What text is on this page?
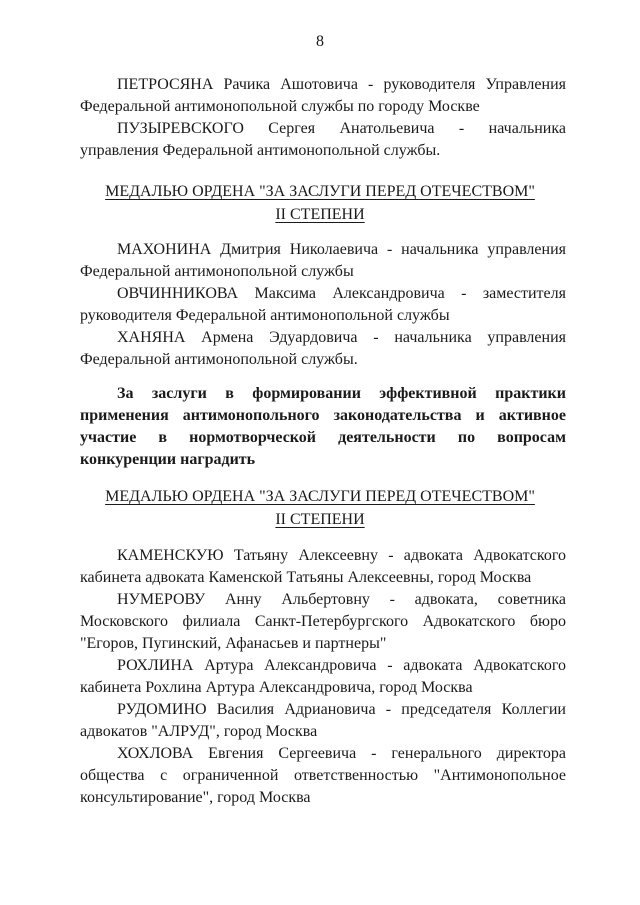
8

ПЕТРОСЯНА Рачика Ашотовича - руководителя Управления Федеральной антимонопольной службы по городу Москве

ПУЗЫРЕВСКОГО Сергея Анатольевича - начальника управления Федеральной антимонопольной службы.

МЕДАЛЬЮ ОРДЕНА "ЗА ЗАСЛУГИ ПЕРЕД ОТЕЧЕСТВОМ"
II СТЕПЕНИ

МАХОНИНА Дмитрия Николаевича - начальника управления Федеральной антимонопольной службы

ОВЧИННИКОВА Максима Александровича - заместителя руководителя Федеральной антимонопольной службы

ХАНЯНА Армена Эдуардовича - начальника управления Федеральной антимонопольной службы.

За заслуги в формировании эффективной практики применения антимонопольного законодательства и активное участие в нормотворческой деятельности по вопросам конкуренции наградить

МЕДАЛЬЮ ОРДЕНА "ЗА ЗАСЛУГИ ПЕРЕД ОТЕЧЕСТВОМ"
II СТЕПЕНИ

КАМЕНСКУЮ Татьяну Алексеевну - адвоката Адвокатского кабинета адвоката Каменской Татьяны Алексеевны, город Москва

НУМЕРОВУ Анну Альбертовну - адвоката, советника Московского филиала Санкт-Петербургского Адвокатского бюро "Егоров, Пугинский, Афанасьев и партнеры"

РОХЛИНА Артура Александровича - адвоката Адвокатского кабинета Рохлина Артура Александровича, город Москва

РУДОМИНО Василия Адриановича - председателя Коллегии адвокатов "АЛРУД", город Москва

ХОХЛОВА Евгения Сергеевича - генерального директора общества с ограниченной ответственностью "Антимонопольное консультирование", город Москва
